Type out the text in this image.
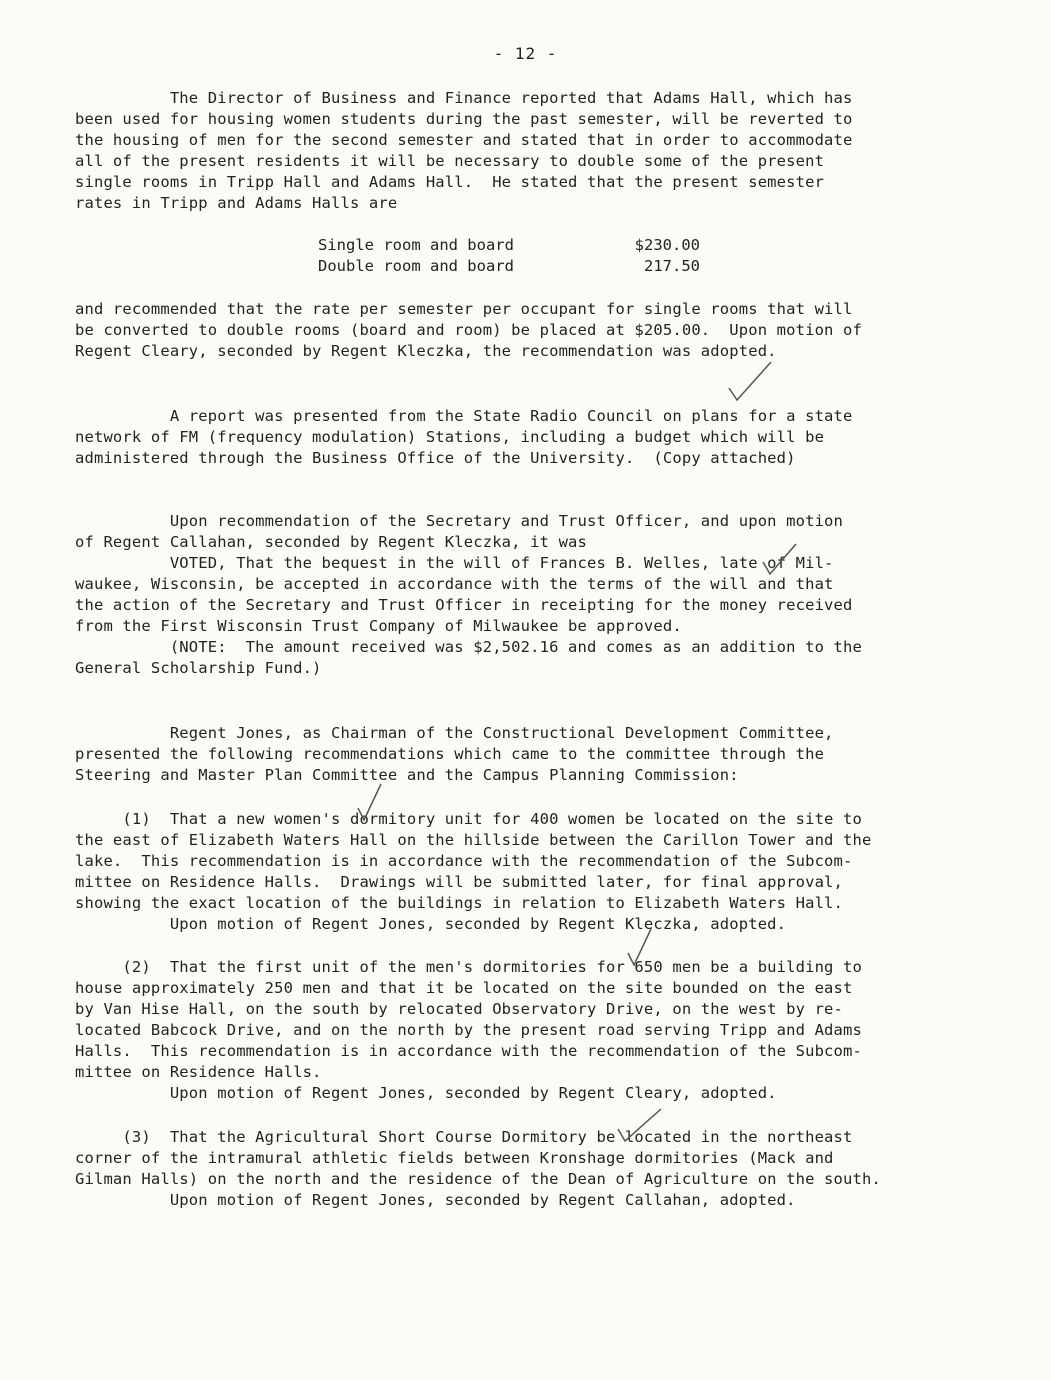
- 12 -
The Director of Business and Finance reported that Adams Hall, which has
been used for housing women students during the past semester, will be reverted to
the housing of men for the second semester and stated that in order to accommodate
all of the present residents it will be necessary to double some of the present
single rooms in Tripp Hall and Adams Hall.  He stated that the present semester
rates in Tripp and Adams Halls are
Single room and board	$230.00
Double room and board	217.50
and recommended that the rate per semester per occupant for single rooms that will
be converted to double rooms (board and room) be placed at $205.00.  Upon motion of
Regent Cleary, seconded by Regent Kleczka, the recommendation was adopted.
A report was presented from the State Radio Council on plans for a state
network of FM (frequency modulation) Stations, including a budget which will be
administered through the Business Office of the University.  (Copy attached)
Upon recommendation of the Secretary and Trust Officer, and upon motion
of Regent Callahan, seconded by Regent Kleczka, it was
VOTED, That the bequest in the will of Frances B. Welles, late of Mil-
waukee, Wisconsin, be accepted in accordance with the terms of the will and that
the action of the Secretary and Trust Officer in receipting for the money received
from the First Wisconsin Trust Company of Milwaukee be approved.
(NOTE:  The amount received was $2,502.16 and comes as an addition to the
General Scholarship Fund.)
Regent Jones, as Chairman of the Constructional Development Committee,
presented the following recommendations which came to the committee through the
Steering and Master Plan Committee and the Campus Planning Commission:
(1)  That a new women's dormitory unit for 400 women be located on the site to
the east of Elizabeth Waters Hall on the hillside between the Carillon Tower and the
lake.  This recommendation is in accordance with the recommendation of the Subcom-
mittee on Residence Halls.  Drawings will be submitted later, for final approval,
showing the exact location of the buildings in relation to Elizabeth Waters Hall.
Upon motion of Regent Jones, seconded by Regent Kleczka, adopted.
(2)  That the first unit of the men's dormitories for 650 men be a building to
house approximately 250 men and that it be located on the site bounded on the east
by Van Hise Hall, on the south by relocated Observatory Drive, on the west by re-
located Babcock Drive, and on the north by the present road serving Tripp and Adams
Halls.  This recommendation is in accordance with the recommendation of the Subcom-
mittee on Residence Halls.
Upon motion of Regent Jones, seconded by Regent Cleary, adopted.
(3)  That the Agricultural Short Course Dormitory be located in the northeast
corner of the intramural athletic fields between Kronshage dormitories (Mack and
Gilman Halls) on the north and the residence of the Dean of Agriculture on the south.
Upon motion of Regent Jones, seconded by Regent Callahan, adopted.
